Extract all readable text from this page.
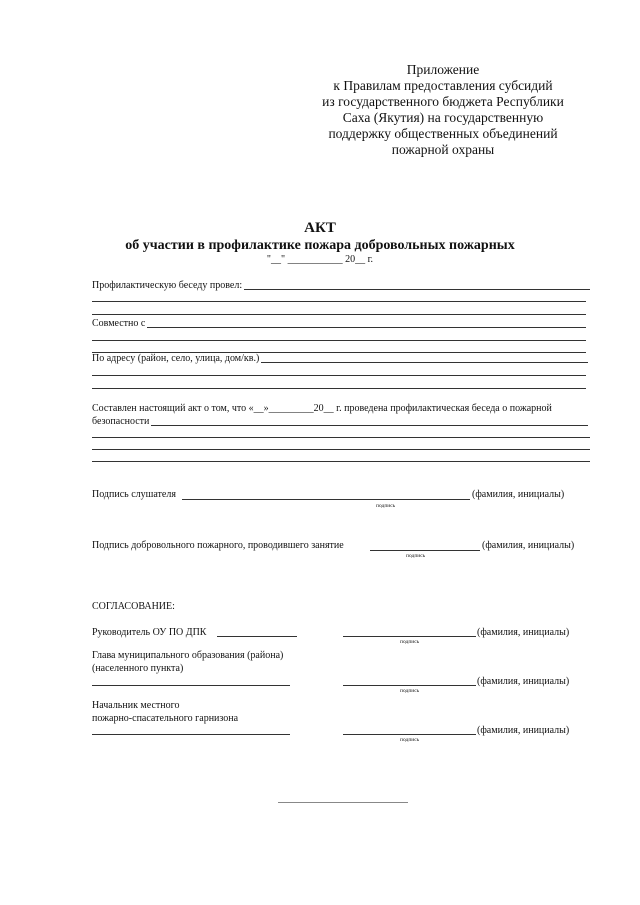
Приложение
к Правилам предоставления субсидий
из государственного бюджета Республики
Саха (Якутия) на государственную
поддержку общественных объединений
пожарной охраны
АКТ
об участии в профилактике пожара добровольных пожарных
"__" ___________ 20__ г.
Профилактическую беседу провел:
Совместно с
По адресу (район, село, улица, дом/кв.)
Составлен настоящий акт о том, что «__»_________20__ г. проведена профилактическая беседа о пожарной
безопасности
Подпись слушателя	(фамилия, инициалы)
подпись
Подпись добровольного пожарного, проводившего занятие	(фамилия, инициалы)
подпись
СОГЛАСОВАНИЕ:
Руководитель ОУ ПО ДПК	(фамилия, инициалы)
подпись
Глава муниципального образования (района)
(населенного пункта)
(фамилия, инициалы)
подпись
Начальник местного
пожарно-спасательного гарнизона
(фамилия, инициалы)
подпись
